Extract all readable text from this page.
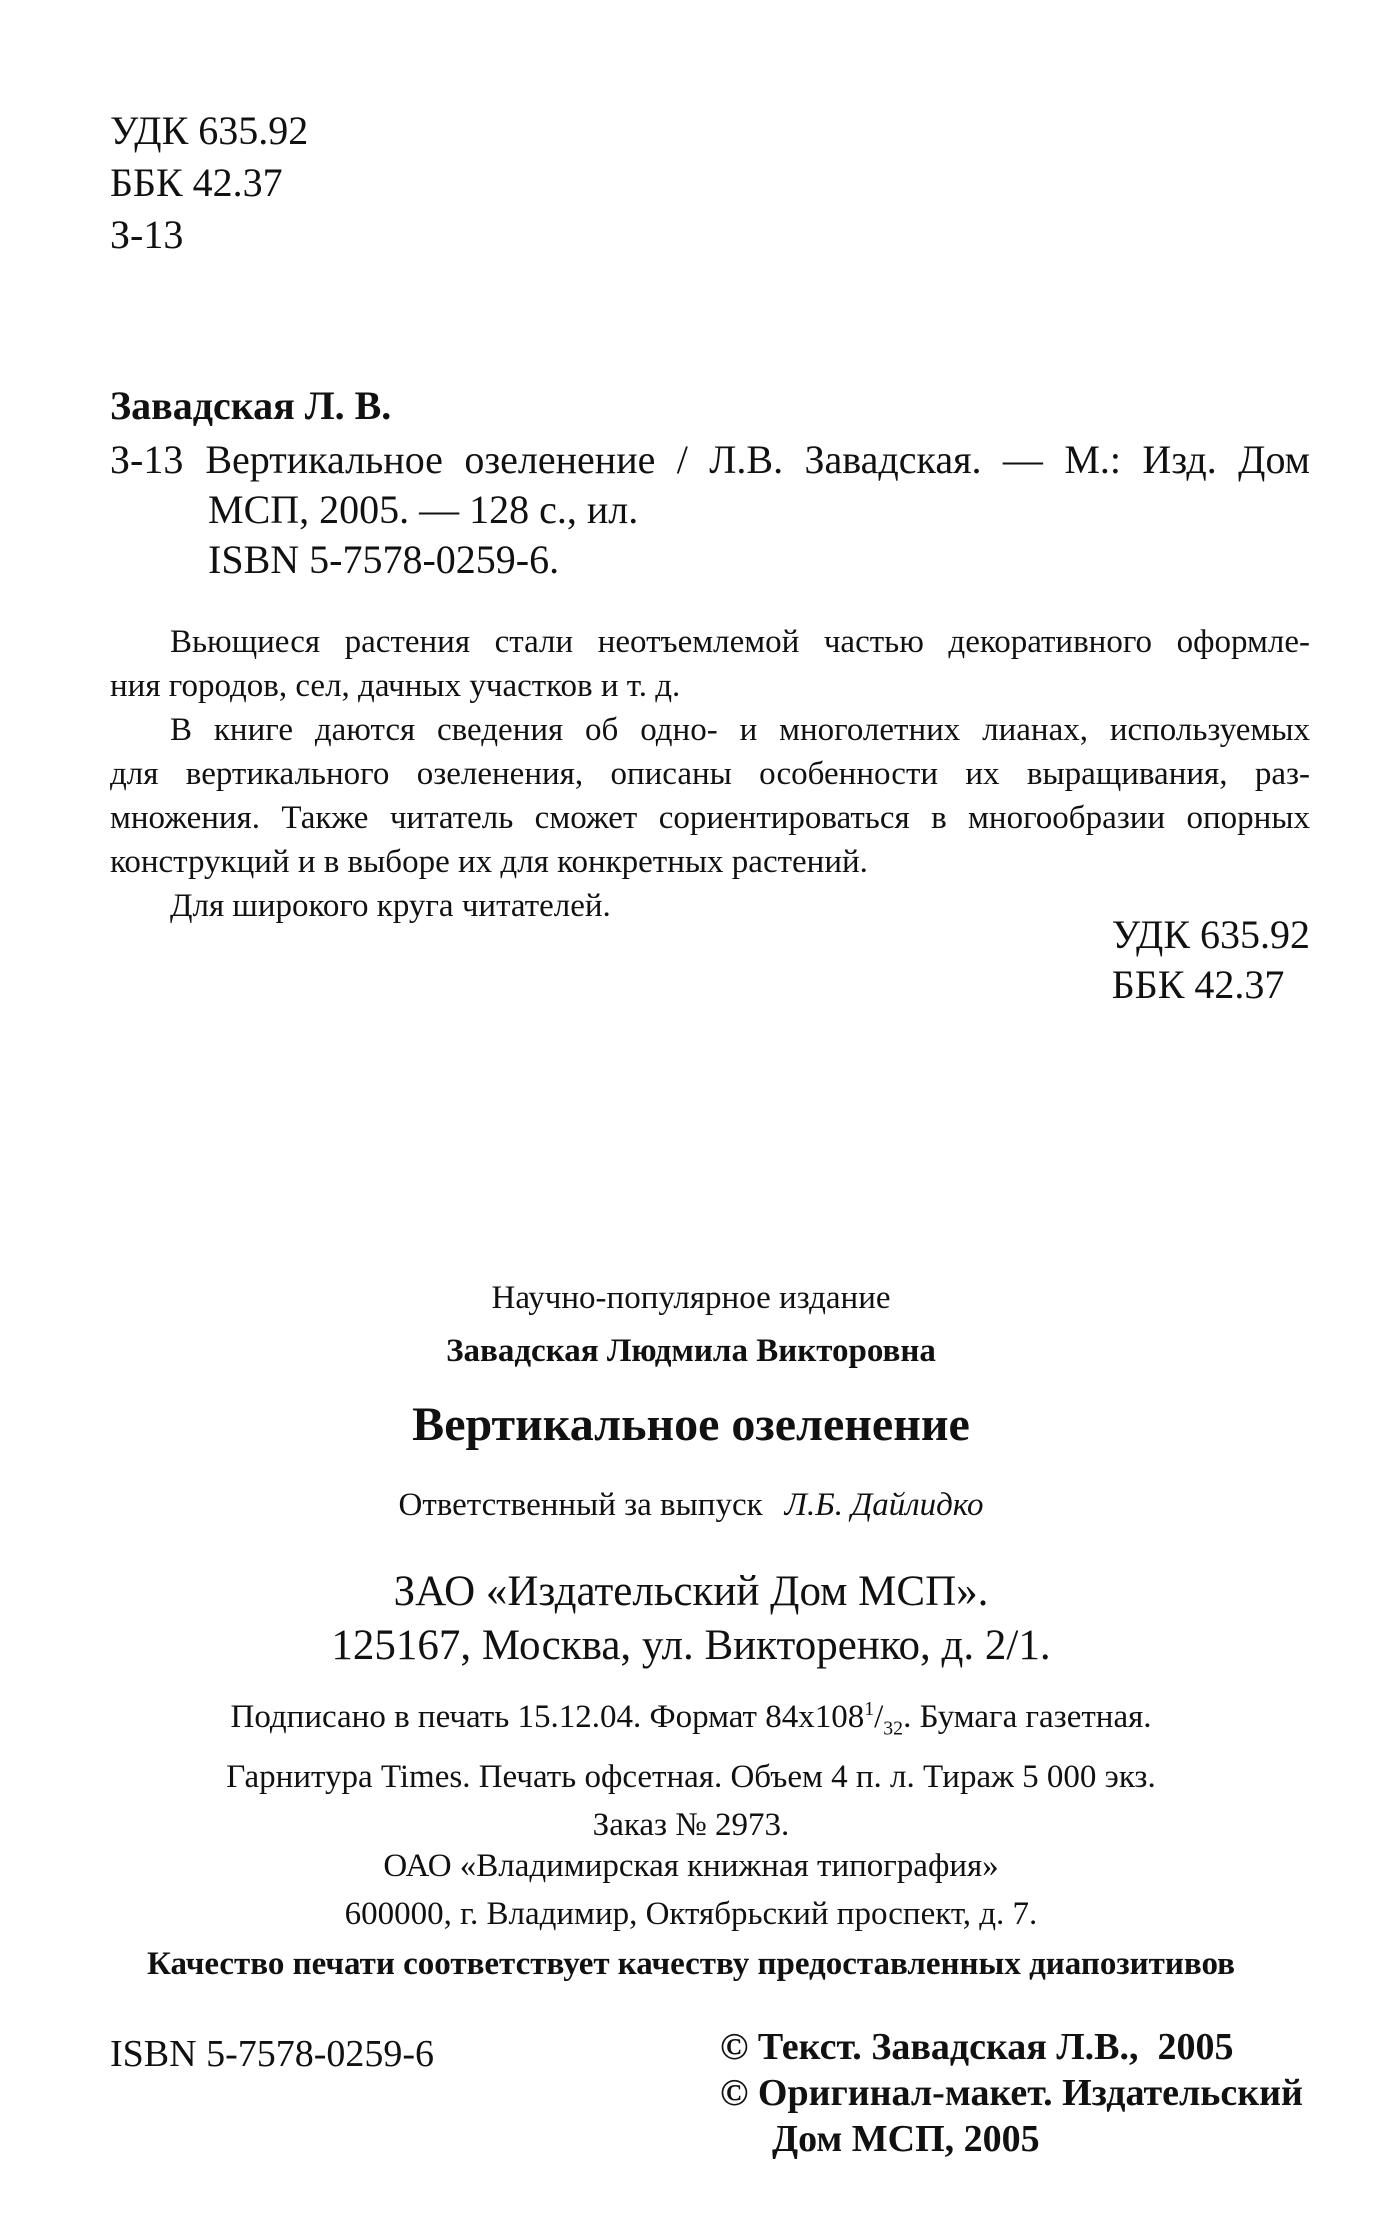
УДК 635.92
ББК 42.37
З-13
Завадская Л. В.
З-13 Вертикальное озеленение / Л.В. Завадская. — М.: Изд. Дом
МСП, 2005. — 128 с., ил.
ISBN 5-7578-0259-6.
Вьющиеся растения стали неотъемлемой частью декоративного оформле-
ния городов, сел, дачных участков и т. д.
В книге даются сведения об одно- и многолетних лианах, используемых
для вертикального озеленения, описаны особенности их выращивания, раз-
множения. Также читатель сможет сориентироваться в многообразии опорных
конструкций и в выборе их для конкретных растений.
Для широкого круга читателей.
УДК 635.92
ББК 42.37
Научно-популярное издание
Завадская Людмила Викторовна
Вертикальное озеленение
Ответственный за выпуск Л.Б. Дайлидко
ЗАО «Издательский Дом МСП».
125167, Москва, ул. Викторенко, д. 2/1.
Подписано в печать 15.12.04. Формат $84х108^1/_{32}$. Бумага газетная.
Гарнитура Times. Печать офсетная. Объем 4 п. л. Тираж 5 000 экз.
Заказ № 2973.
ОАО «Владимирская книжная типография»
600000, г. Владимир, Октябрьский проспект, д. 7.
Качество печати соответствует качеству предоставленных диапозитивов
ISBN 5-7578-0259-6	© Текст. Завадская Л.В.,  2005
© Оригинал-макет. Издательский
Дом МСП, 2005
